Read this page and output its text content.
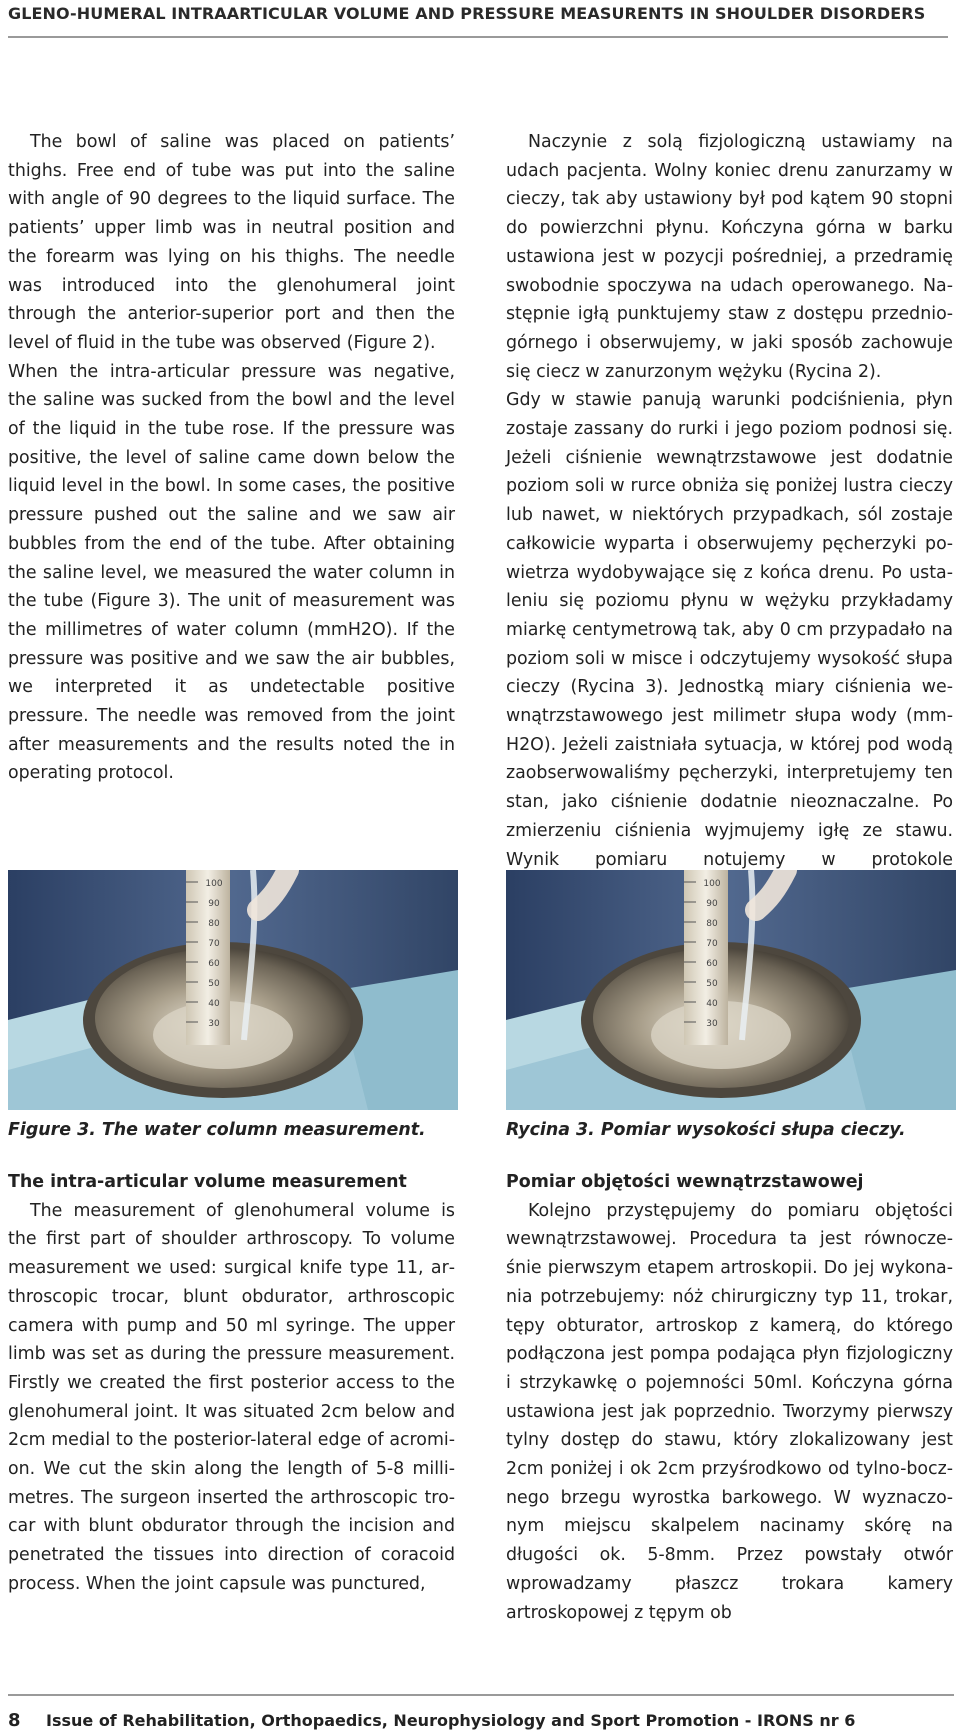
GLENO-HUMERAL INTRAARTICULAR VOLUME AND PRESSURE MEASURENTS IN SHOULDER DISORDERS

The bowl of saline was placed on patients’ thighs. Free end of tube was put into the saline with angle of 90 degrees to the liquid surface. The patients’ upper limb was in neutral position and the forearm was lying on his thighs. The needle was introduced into the glenohumeral joint through the anterior-superior port and then the level of fluid in the tube was observed (Figure 2).

When the intra-articular pressure was negative, the saline was sucked from the bowl and the level of the liquid in the tube rose. If the pressure was positive, the level of saline came down below the liquid level in the bowl. In some cases, the positive pressure pushed out the saline and we saw air bubbles from the end of the tube. After obtaining the saline level, we measured the water column in the tube (Figure 3). The unit of measurement was the millimetres of water column (mmH2O). If the pressure was positive and we saw the air bubbles, we interpreted it as undetectable positive pressure. The needle was removed from the joint after measurements and the results noted the in operating protocol.

Naczynie z solą fizjologiczną ustawiamy na udach pacjenta. Wolny koniec drenu zanurzamy w cieczy, tak aby ustawiony był pod kątem 90 stopni do powierzchni płynu. Kończyna górna w barku ustawiona jest w pozycji pośredniej, a przedramię swobodnie spoczywa na udach operowanego. Następnie igłą punktujemy staw z dostępu przedniogórnego i obserwujemy, w jaki sposób zachowuje się ciecz w zanurzonym wężyku (Rycina 2).

Gdy w stawie panują warunki podciśnienia, płyn zostaje zassany do rurki i jego poziom podnosi się. Jeżeli ciśnienie wewnątrzstawowe jest dodatnie poziom soli w rurce obniża się poniżej lustra cieczy lub nawet, w niektórych przypadkach, sól zostaje całkowicie wyparta i obserwujemy pęcherzyki powietrza wydobywające się z końca drenu. Po ustaleniu się poziomu płynu w wężyku przykładamy miarkę centymetrową tak, aby 0 cm przypadało na poziom soli w misce i odczytujemy wysokość słupa cieczy (Rycina 3). Jednostką miary ciśnienia wewnątrzstawowego jest milimetr słupa wody (mmH2O). Jeżeli zaistniała sytuacja, w której pod wodą zaobserwowaliśmy pęcherzyki, interpretujemy ten stan, jako ciśnienie dodatnie nieoznaczalne. Po zmierzeniu ciśnienia wyjmujemy igłę ze stawu. Wynik pomiaru notujemy w protokole

100
90
80
70
60
50
40
30
100
90
80
70
60
50
40
30
Figure 3. The water column measurement.	Rycina 3. Pomiar wysokości słupa cieczy.

The intra-articular volume measurement

The measurement of glenohumeral volume is the first part of shoulder arthroscopy. To volume measurement we used: surgical knife type 11, arthroscopic trocar, blunt obdurator, arthroscopic camera with pump and 50 ml syringe. The upper limb was set as during the pressure measurement. Firstly we created the first posterior access to the glenohumeral joint. It was situated 2cm below and 2cm medial to the posterior-lateral edge of acromion. We cut the skin along the length of 5-8 millimetres. The surgeon inserted the arthroscopic trocar with blunt obdurator through the incision and penetrated the tissues into direction of coracoid process. When the joint capsule was punctured,

Pomiar objętości wewnątrzstawowej

Kolejno przystępujemy do pomiaru objętości wewnątrzstawowej. Procedura ta jest równocześnie pierwszym etapem artroskopii. Do jej wykonania potrzebujemy: nóż chirurgiczny typ 11, trokar, tępy obturator, artroskop z kamerą, do którego podłączona jest pompa podająca płyn fizjologiczny i strzykawkę o pojemności 50ml. Kończyna górna ustawiona jest jak poprzednio. Tworzymy pierwszy tylny dostęp do stawu, który zlokalizowany jest 2cm poniżej i ok 2cm przyśrodkowo od tylno-bocznego brzegu wyrostka barkowego. W wyznaczonym miejscu skalpelem nacinamy skórę na długości ok. 5-8mm. Przez powstały otwór wprowadzamy płaszcz trokara kamery artroskopowej z tępym ob

8 Issue of Rehabilitation, Orthopaedics, Neurophysiology and Sport Promotion - IRONS nr 6
